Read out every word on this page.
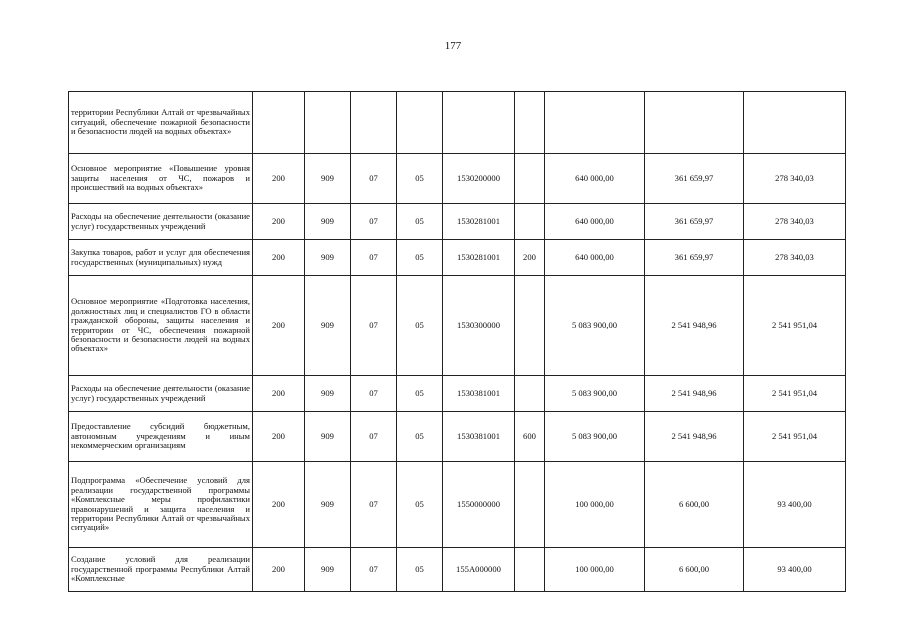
177
территории Республики Алтай от чрезвычайных ситуаций, обеспечение пожарной безопасности и безопасности людей на водных объектах»									
Основное мероприятие «Повышение уровня защиты населения от ЧС, пожаров и происшествий на водных объектах»	200	909	07	05	1530200000		640 000,00	361 659,97	278 340,03
Расходы на обеспечение деятельности (оказание услуг) государственных учреждений	200	909	07	05	1530281001		640 000,00	361 659,97	278 340,03
Закупка товаров, работ и услуг для обеспечения государственных (муниципальных) нужд	200	909	07	05	1530281001	200	640 000,00	361 659,97	278 340,03
Основное мероприятие «Подготовка населения, должностных лиц и специалистов ГО в области гражданской обороны, защиты населения и территории от ЧС, обеспечения пожарной безопасности и безопасности людей на водных объектах»	200	909	07	05	1530300000		5 083 900,00	2 541 948,96	2 541 951,04
Расходы на обеспечение деятельности (оказание услуг) государственных учреждений	200	909	07	05	1530381001		5 083 900,00	2 541 948,96	2 541 951,04
Предоставление субсидий бюджетным, автономным учреждениям и иным некоммерческим организациям	200	909	07	05	1530381001	600	5 083 900,00	2 541 948,96	2 541 951,04
Подпрограмма «Обеспечение условий для реализации государственной программы «Комплексные меры профилактики правонарушений и защита населения и территории Республики Алтай от чрезвычайных ситуаций»	200	909	07	05	1550000000		100 000,00	6 600,00	93 400,00
Создание условий для реализации государственной программы Республики Алтай «Комплексные	200	909	07	05	155А000000		100 000,00	6 600,00	93 400,00
